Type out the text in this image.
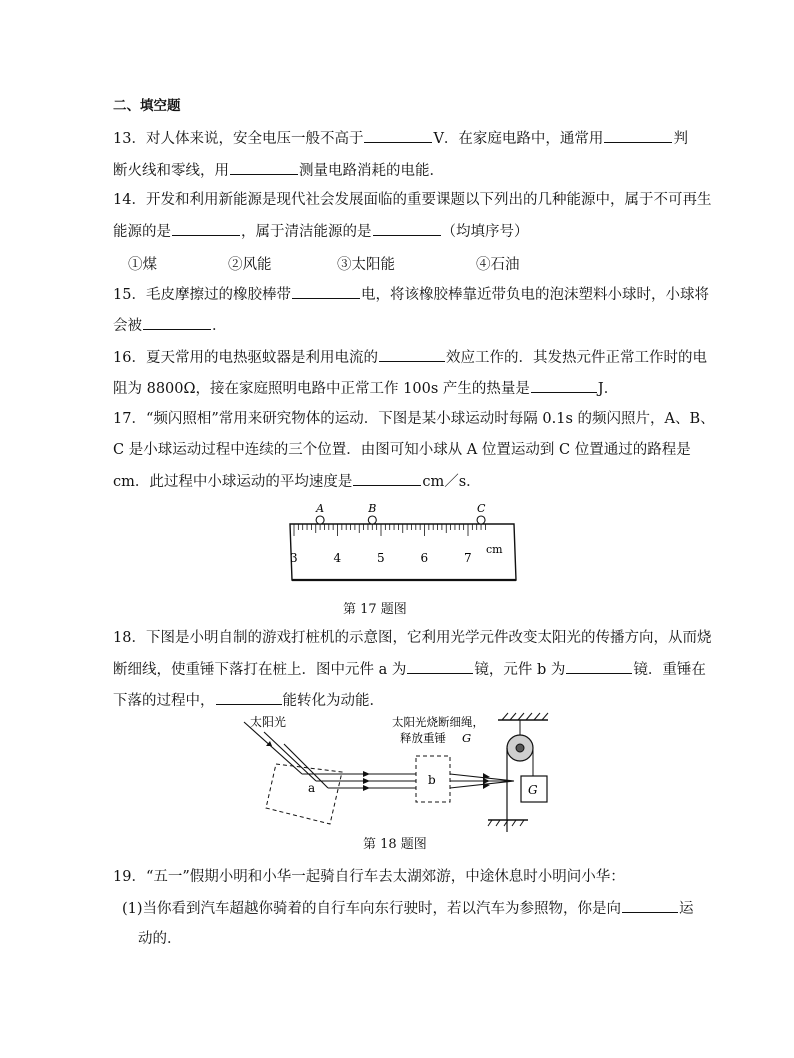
二、填空题
13．对人体来说，安全电压一般不高于	V．在家庭电路中，通常用	判
断火线和零线，用	测量电路消耗的电能．
14．开发和利用新能源是现代社会发展面临的重要课题以下列出的几种能源中，属于不可再生
能源的是	，属于清洁能源的是	（均填序号）
①煤	②风能	③太阳能	④石油
15．毛皮摩擦过的橡胶棒带	电，将该橡胶棒靠近带负电的泡沫塑料小球时，小球将
会被	．
16．夏天常用的电热驱蚊器是利用电流的	效应工作的．其发热元件正常工作时的电
阻为 8800Ω，接在家庭照明电路中正常工作 100s 产生的热量是	J．
17．“频闪照相”常用来研究物体的运动．下图是某小球运动时每隔 0.1s 的频闪照片，A、B、
C 是小球运动过程中连续的三个位置．由图可知小球从 A 位置运动到 C 位置通过的路程是
cm．此过程中小球运动的平均速度是	cm／s．
3	4	5	6	7
cm
A	B	C
第 17 题图
18．下图是小明自制的游戏打桩机的示意图，它利用光学元件改变太阳光的传播方向，从而烧
断细线，使重锤下落打在桩上．图中元件 a 为	镜，元件 b 为	镜．重锤在
下落的过程中，	能转化为动能．
太阳光
a
b
太阳光烧断细绳，
释放重锤 G
G
第 18 题图
19．“五一”假期小明和小华一起骑自行车去太湖郊游，中途休息时小明问小华：
(1)当你看到汽车超越你骑着的自行车向东行驶时，若以汽车为参照物，你是向	运
动的．
